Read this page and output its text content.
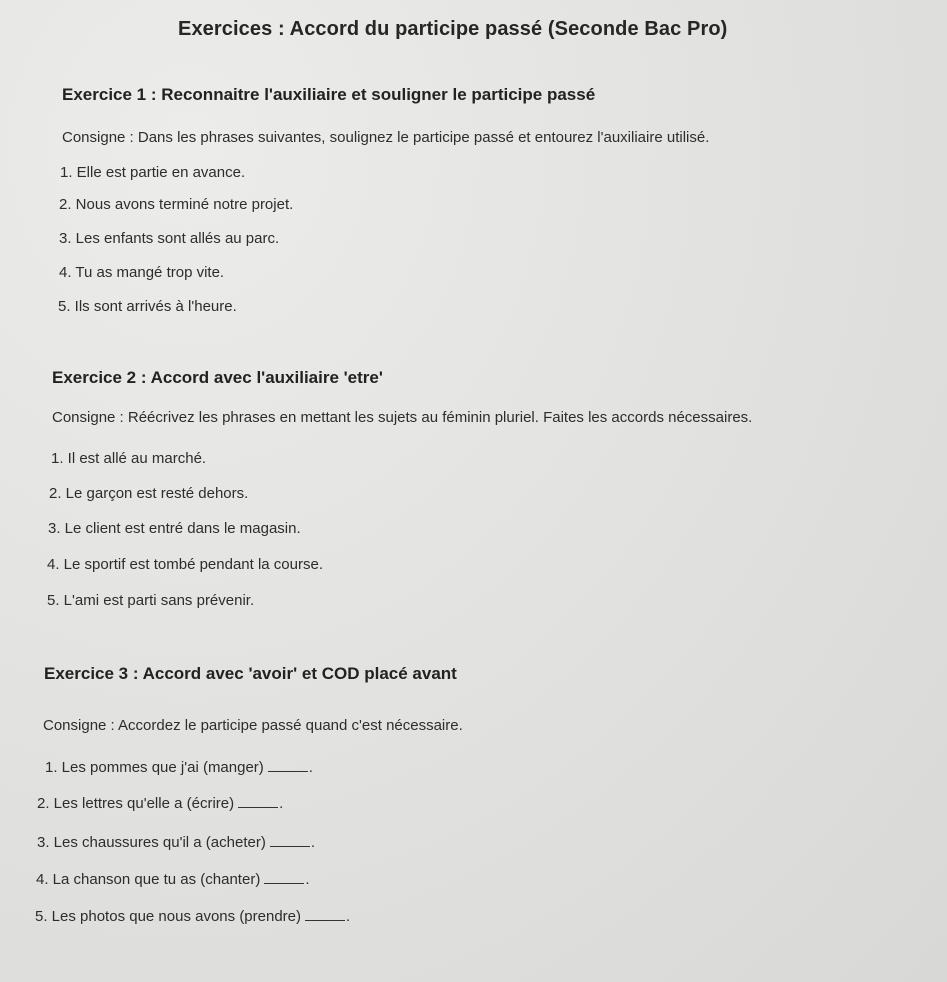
Exercices : Accord du participe passé (Seconde Bac Pro)
Exercice 1 : Reconnaitre l'auxiliaire et souligner le participe passé
Consigne : Dans les phrases suivantes, soulignez le participe passé et entourez l'auxiliaire utilisé.
1. Elle est partie en avance.
2. Nous avons terminé notre projet.
3. Les enfants sont allés au parc.
4. Tu as mangé trop vite.
5. Ils sont arrivés à l'heure.
Exercice 2 : Accord avec l'auxiliaire 'etre'
Consigne : Réécrivez les phrases en mettant les sujets au féminin pluriel. Faites les accords nécessaires.
1. Il est allé au marché.
2. Le garçon est resté dehors.
3. Le client est entré dans le magasin.
4. Le sportif est tombé pendant la course.
5. L'ami est parti sans prévenir.
Exercice 3 : Accord avec 'avoir' et COD placé avant
Consigne : Accordez le participe passé quand c'est nécessaire.
1. Les pommes que j'ai (manger)	.
2. Les lettres qu'elle a (écrire)	.
3. Les chaussures qu'il a (acheter)	.
4. La chanson que tu as (chanter)	.
5. Les photos que nous avons (prendre)	.
